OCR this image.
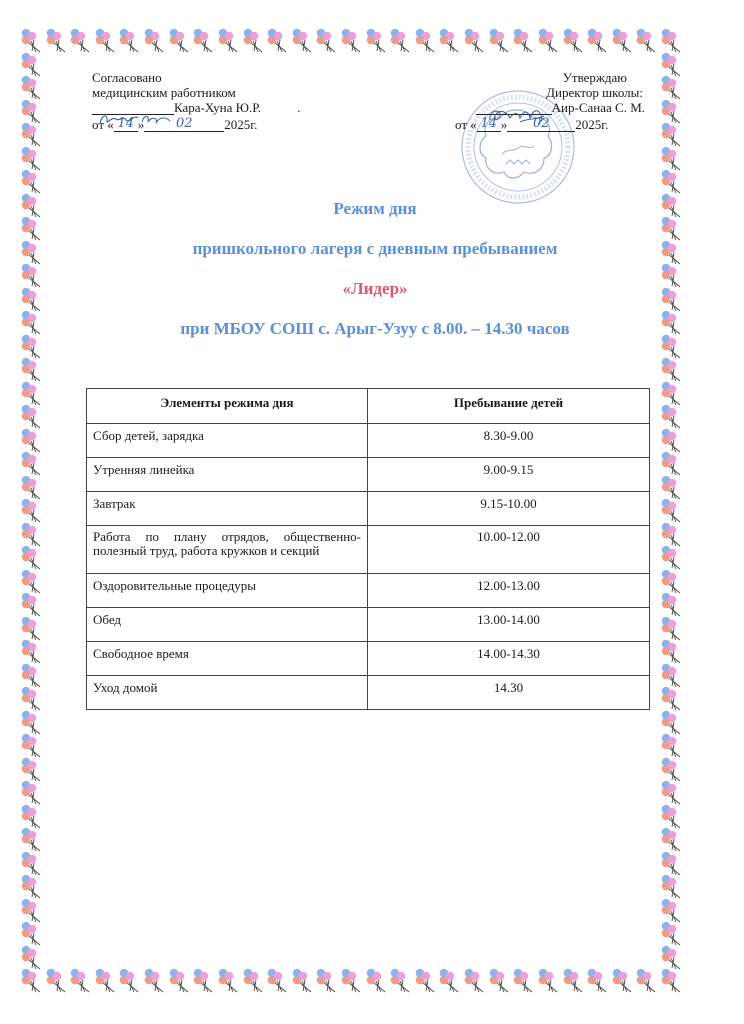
Согласовано
медицинским работником
Кара-Хуна Ю.Р.	.
от « 14 » 02 2025г.
Утверждаю
Директор школы:
Аир-Санаа С. М.
от « 14 » 02 2025г.
Режим дня
пришкольного лагеря с дневным пребыванием
«Лидер»
при МБОУ СОШ с. Арыг-Узуу с 8.00. – 14.30 часов
Элементы режима дня	Пребывание детей
Сбор детей, зарядка	8.30-9.00
Утренняя линейка	9.00-9.15
Завтрак	9.15-10.00
Работа по плану отрядов, общественно-полезный труд, работа кружков и секций	10.00-12.00
Оздоровительные процедуры	12.00-13.00
Обед	13.00-14.00
Свободное время	14.00-14.30
Уход домой	14.30
